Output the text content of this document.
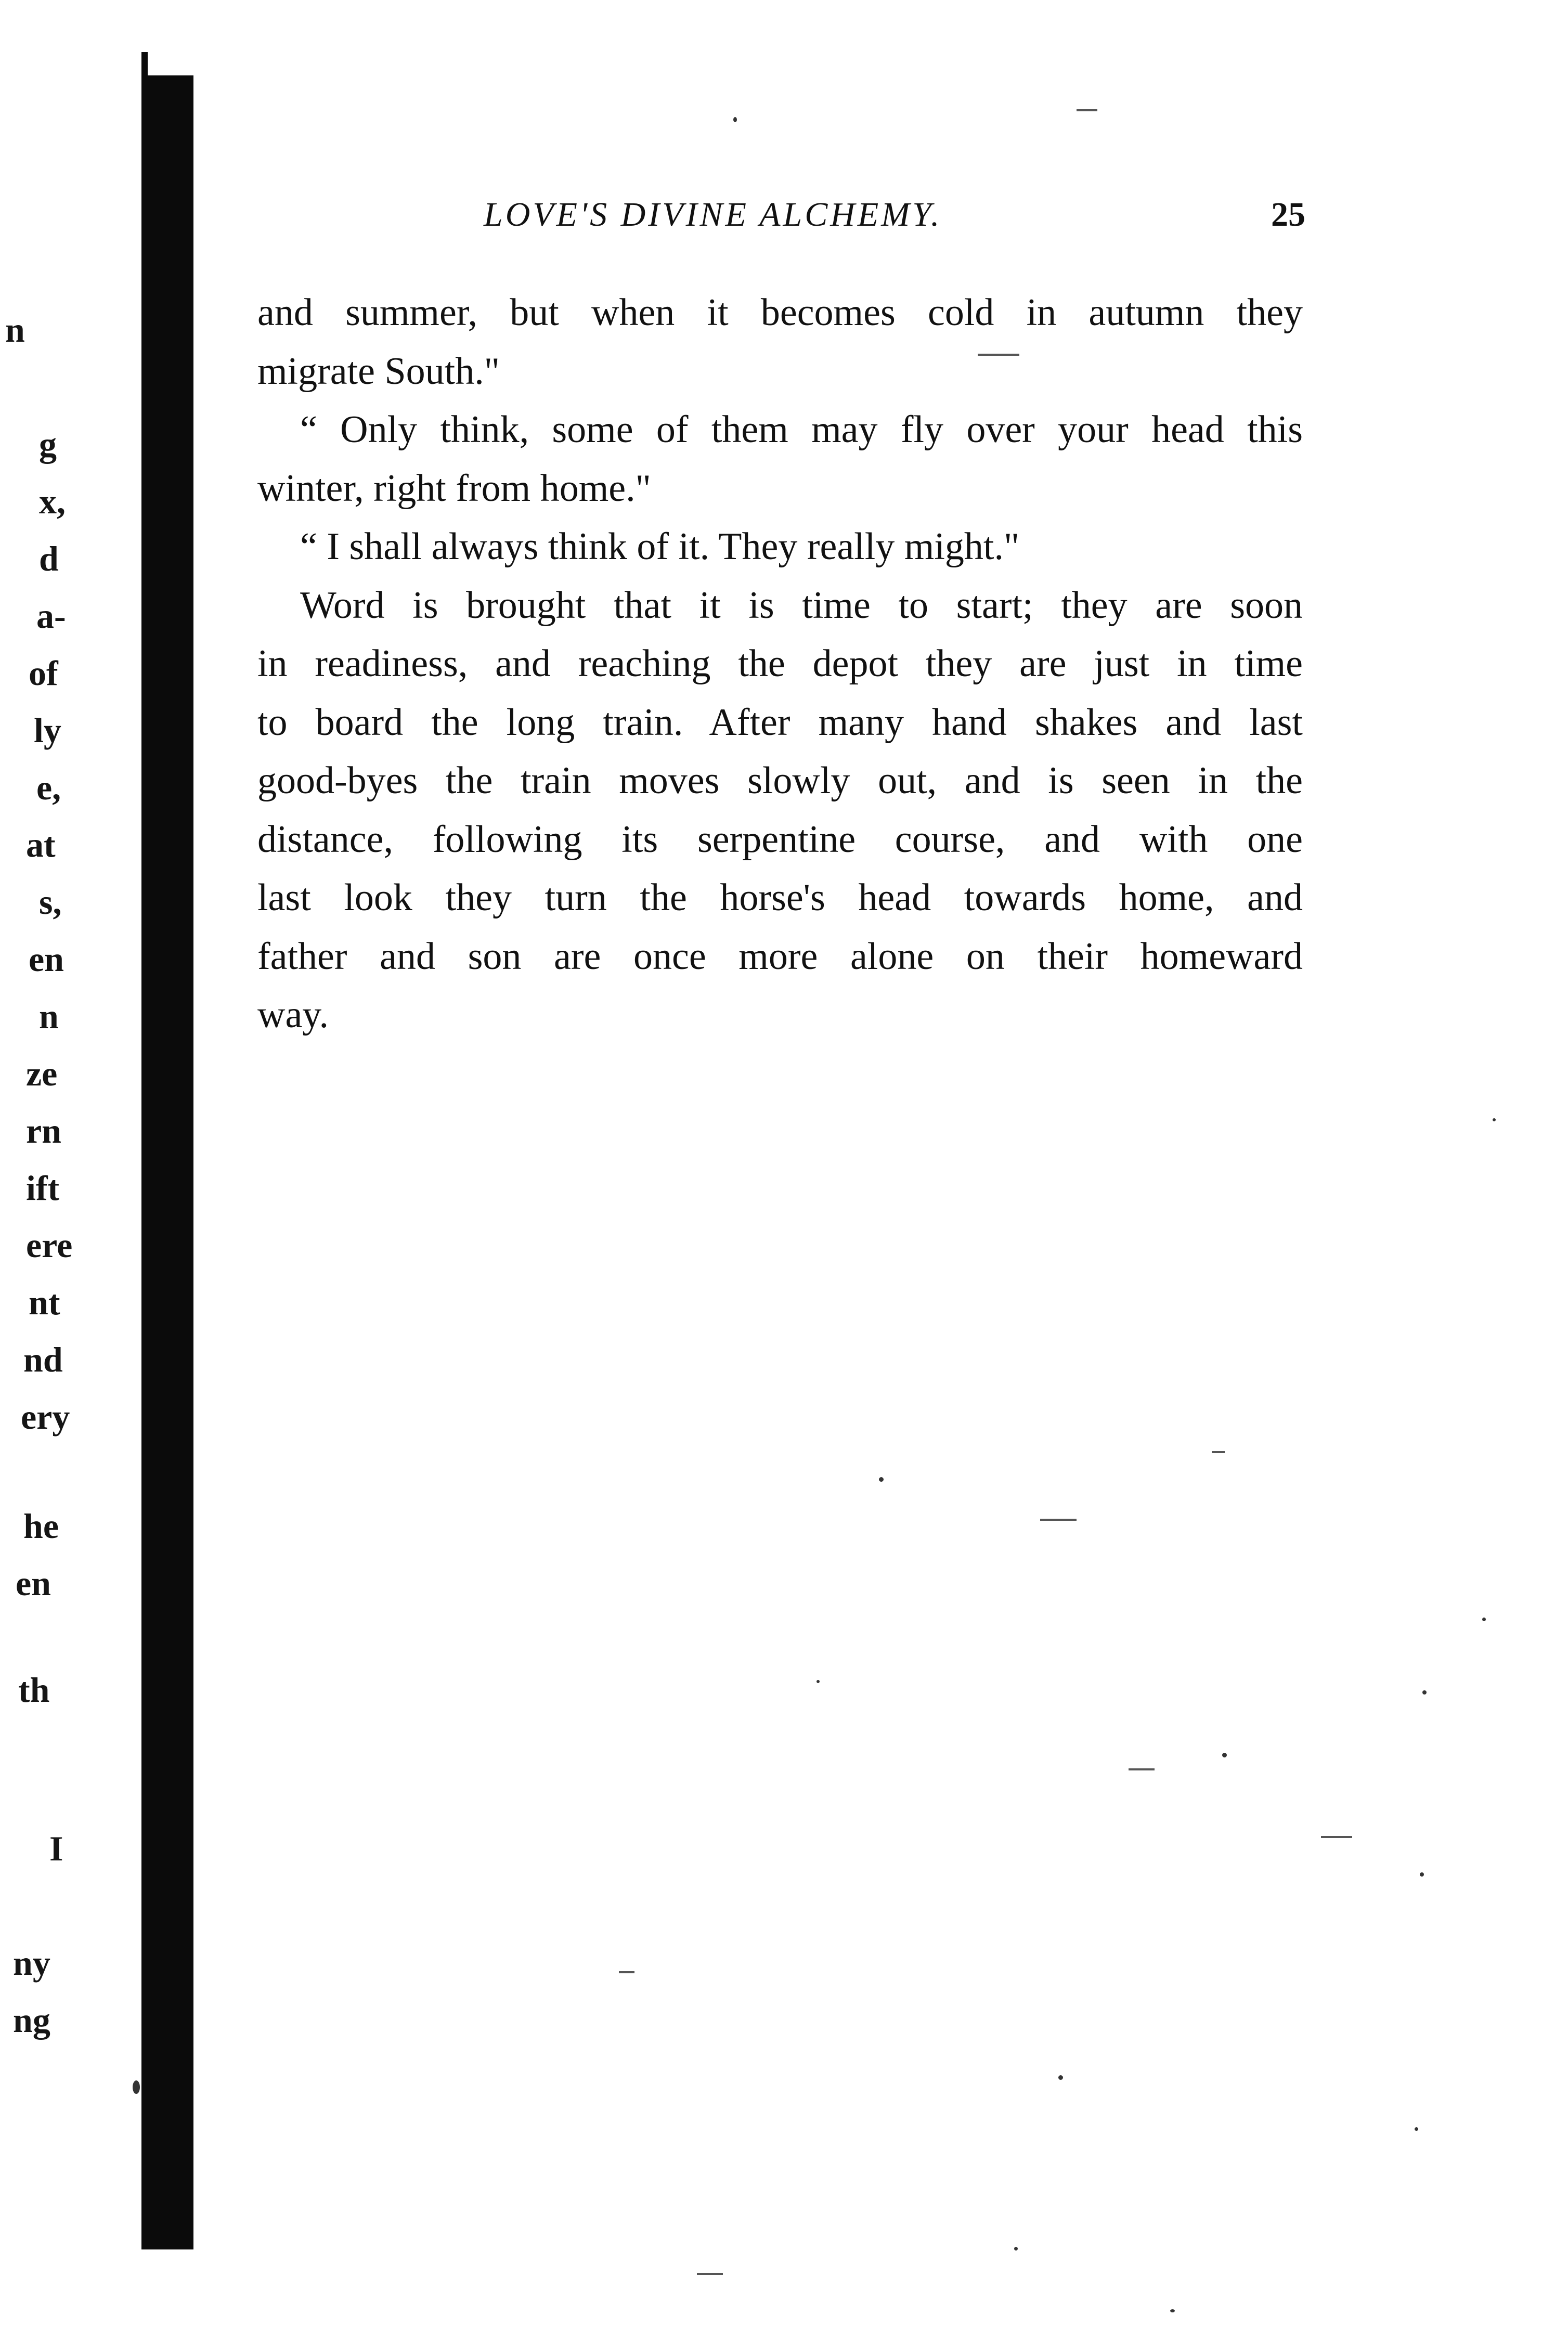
n
g
x,
d
a-
of
ly
e,
at
s,
en
n
ze
rn
ift
ere
nt
nd
ery
he
en
th
I
ny
ng
LOVE'S DIVINE ALCHEMY.	25
and summer, but when it becomes cold in autumn they
migrate South."
“ Only think, some of them may fly over your head this
winter, right from home."
“ I shall always think of it. They really might."
Word is brought that it is time to start; they are soon
in readiness, and reaching the depot they are just in time
to board the long train. After many hand shakes and last
good-byes the train moves slowly out, and is seen in the
distance, following its serpentine course, and with one
last look they turn the horse's head towards home, and
father and son are once more alone on their homeward
way.
